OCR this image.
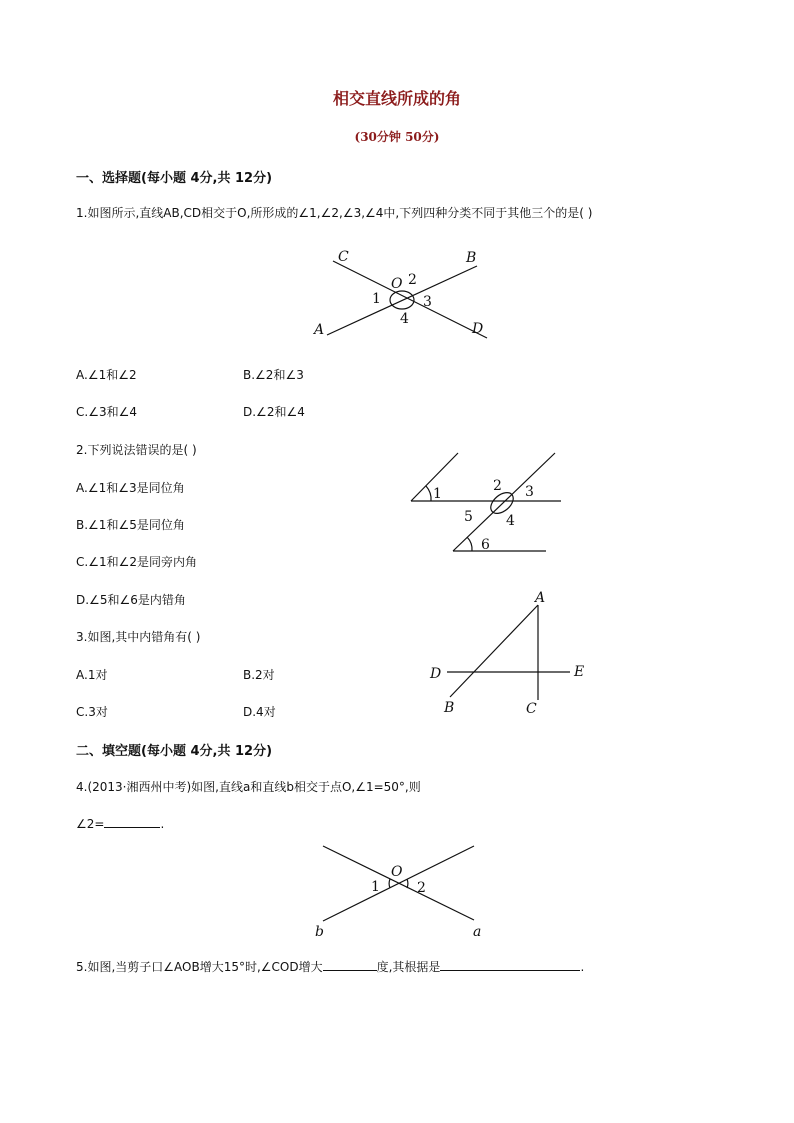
相交直线所成的角
(30分钟 50分)
一、选择题(每小题 4分,共 12分)
1.如图所示,直线AB,CD相交于O,所形成的∠1,∠2,∠3,∠4中,下列四种分类不同于其他三个的是( )
C	B
A	D
O 2
1	3
4
A.∠1和∠2	B.∠2和∠3
C.∠3和∠4	D.∠2和∠4
2.下列说法错误的是( )
A.∠1和∠3是同位角
B.∠1和∠5是同位角
C.∠1和∠2是同旁内角
D.∠5和∠6是内错角
1	2 3
4
5
6
3.如图,其中内错角有( )
A.1对	B.2对
C.3对	D.4对
A
D	E
B	C
二、填空题(每小题 4分,共 12分)
4.(2013·湘西州中考)如图,直线a和直线b相交于点O,∠1=50°,则
∠2=	.
O
1	2
b	a
5.如图,当剪子口∠AOB增大15°时,∠COD增大	度,其根据是	.
